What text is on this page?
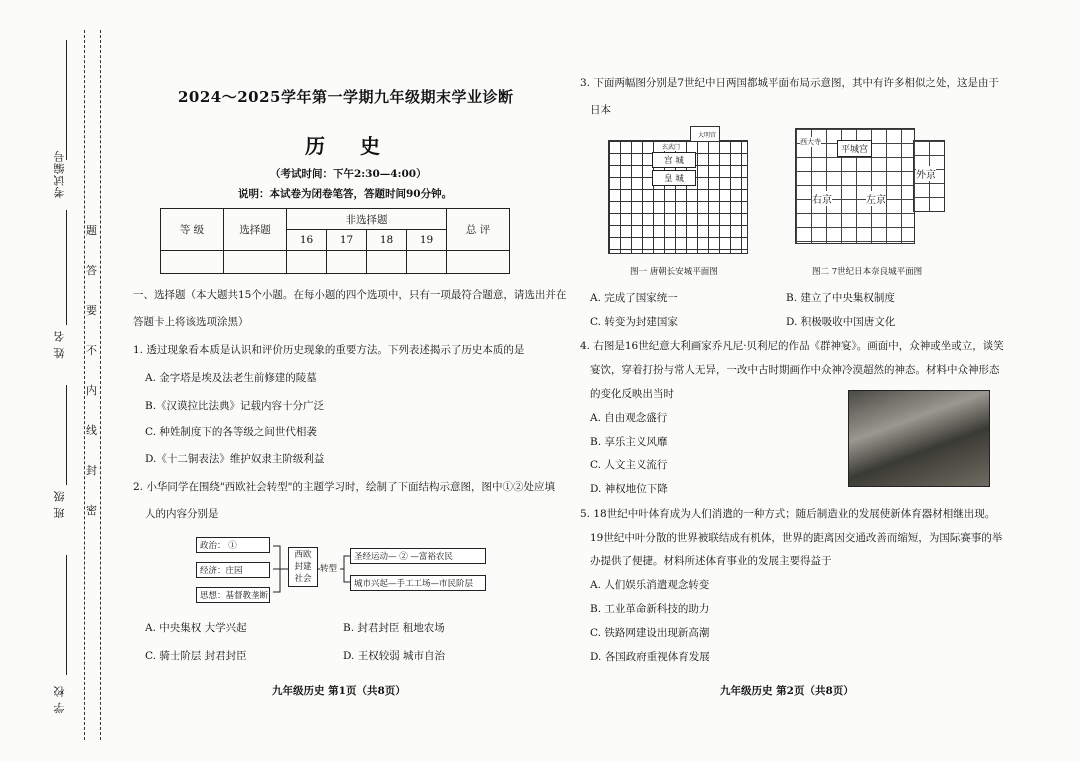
考试编号
姓 名
班 级
学 校
题
答
要
不
内
线
封
密
2024～2025学年第一学期九年级期末学业诊断
历 史
（考试时间：下午2:30—4:00）
说明：本试卷为闭卷笔答，答题时间90分钟。
等 级	选择题	非选择题				总 评
		16	17	18	19	

一、选择题（本大题共15个小题。在每小题的四个选项中，只有一项最符合题意，请选出并在
答题卡上将该选项涂黑）
1. 透过现象看本质是认识和评价历史现象的重要方法。下列表述揭示了历史本质的是
A. 金字塔是埃及法老生前修建的陵墓
B.《汉谟拉比法典》记载内容十分广泛
C. 种姓制度下的各等级之间世代相袭
D.《十二铜表法》维护奴隶主阶级利益
2. 小华同学在围绕"西欧社会转型"的主题学习时，绘制了下面结构示意图，图中①②处应填
人的内容分别是
政治： ①
经济：庄园
思想：基督教垄断
西欧封建社会
转型
圣经运动— ② —富裕农民
城市兴起—手工工场—市民阶层
A. 中央集权 大学兴起	B. 封君封臣 租地农场
C. 骑士阶层 封君封臣	D. 王权较弱 城市自治
九年级历史 第1页（共8页）
3. 下面两幅图分别是7世纪中日两国都城平面布局示意图，其中有许多相似之处，这是由于
日本
宫 城
皇 城
大明宫
玄武门
图一 唐朝长安城平面图
平城宫
西大寺
右京	左京
外京
图二 7世纪日本奈良城平面图
A. 完成了国家统一	B. 建立了中央集权制度
C. 转变为封建国家	D. 积极吸收中国唐文化
4. 右图是16世纪意大利画家乔凡尼·贝利尼的作品《群神宴》。画面中，众神或坐或立，谈笑
宴饮，穿着打扮与常人无异，一改中古时期画作中众神冷漠超然的神态。材料中众神形态
的变化反映出当时
A. 自由观念盛行
B. 享乐主义风靡
C. 人文主义流行
D. 神权地位下降
5. 18世纪中叶体育成为人们消遣的一种方式；随后制造业的发展使新体育器材相继出现。
19世纪中叶分散的世界被联结成有机体，世界的距离因交通改善而缩短，为国际赛事的举
办提供了便捷。材料所述体育事业的发展主要得益于
A. 人们娱乐消遣观念转变
B. 工业革命新科技的助力
C. 铁路网建设出现新高潮
D. 各国政府重视体育发展
九年级历史 第2页（共8页）
